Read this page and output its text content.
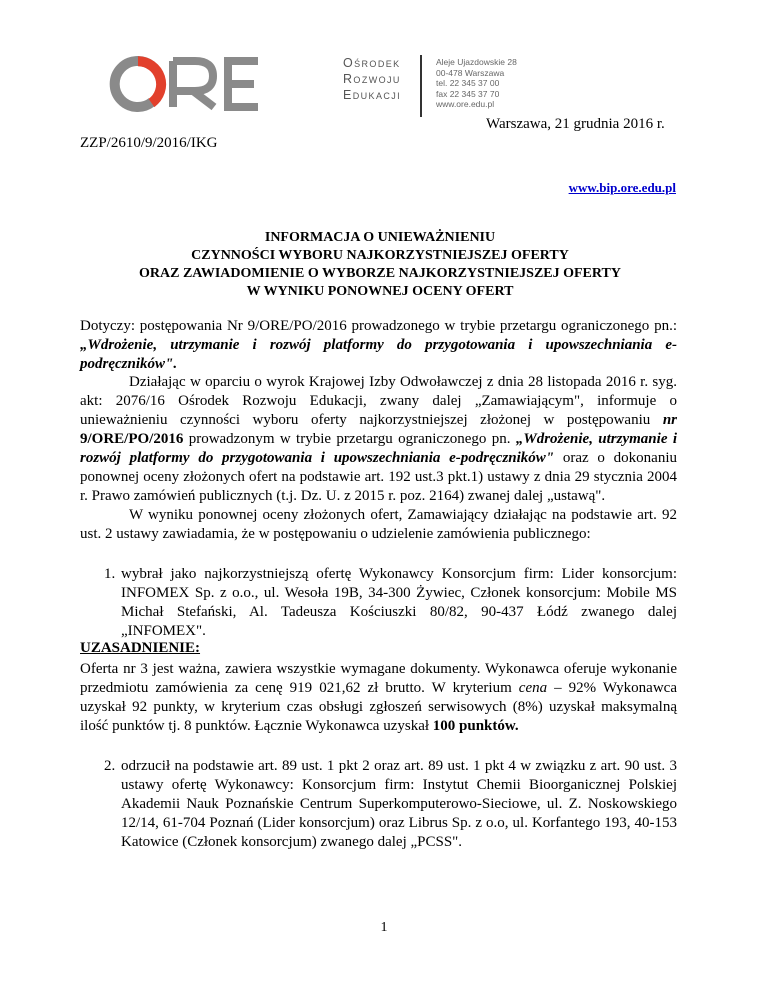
Ośrodek
Rozwoju
Edukacji
Aleje Ujazdowskie 28
00-478 Warszawa
tel. 22 345 37 00
fax 22 345 37 70
www.ore.edu.pl
Warszawa, 21 grudnia 2016 r.
ZZP/2610/9/2016/IKG
www.bip.ore.edu.pl
INFORMACJA O UNIEWAŻNIENIU
CZYNNOŚCI WYBORU NAJKORZYSTNIEJSZEJ OFERTY
ORAZ ZAWIADOMIENIE O WYBORZE NAJKORZYSTNIEJSZEJ OFERTY
W WYNIKU PONOWNEJ OCENY OFERT
Dotyczy: postępowania Nr 9/ORE/PO/2016 prowadzonego w trybie przetargu ograniczonego pn.: „Wdrożenie, utrzymanie i rozwój platformy do przygotowania i upowszechniania e-podręczników".
Działając w oparciu o wyrok Krajowej Izby Odwoławczej z dnia 28 listopada 2016 r. syg. akt: 2076/16 Ośrodek Rozwoju Edukacji, zwany dalej „Zamawiającym", informuje o unieważnieniu czynności wyboru oferty najkorzystniejszej złożonej w postępowaniu nr 9/ORE/PO/2016 prowadzonym w trybie przetargu ograniczonego pn. „Wdrożenie, utrzymanie i rozwój platformy do przygotowania i upowszechniania e-podręczników" oraz o dokonaniu ponownej oceny złożonych ofert na podstawie art. 192 ust.3 pkt.1) ustawy z dnia 29 stycznia 2004 r. Prawo zamówień publicznych (t.j. Dz. U. z 2015 r. poz. 2164) zwanej dalej „ustawą".
W wyniku ponownej oceny złożonych ofert, Zamawiający działając na podstawie art. 92 ust. 2 ustawy zawiadamia, że w postępowaniu o udzielenie zamówienia publicznego:
1. wybrał jako najkorzystniejszą ofertę Wykonawcy Konsorcjum firm: Lider konsorcjum: INFOMEX Sp. z o.o., ul. Wesoła 19B, 34-300 Żywiec, Członek konsorcjum: Mobile MS Michał Stefański, Al. Tadeusza Kościuszki 80/82, 90-437 Łódź zwanego dalej „INFOMEX".
UZASADNIENIE:
Oferta nr 3 jest ważna, zawiera wszystkie wymagane dokumenty. Wykonawca oferuje wykonanie przedmiotu zamówienia za cenę 919 021,62 zł brutto. W kryterium cena – 92% Wykonawca uzyskał 92 punkty, w kryterium czas obsługi zgłoszeń serwisowych (8%) uzyskał maksymalną ilość punktów tj. 8 punktów. Łącznie Wykonawca uzyskał 100 punktów.
2. odrzucił na podstawie art. 89 ust. 1 pkt 2 oraz art. 89 ust. 1 pkt 4 w związku z art. 90 ust. 3 ustawy ofertę Wykonawcy: Konsorcjum firm: Instytut Chemii Bioorganicznej Polskiej Akademii Nauk Poznańskie Centrum Superkomputerowo-Sieciowe, ul. Z. Noskowskiego 12/14, 61-704 Poznań (Lider konsorcjum) oraz Librus Sp. z o.o, ul. Korfantego 193, 40-153 Katowice (Członek konsorcjum) zwanego dalej „PCSS".
1
